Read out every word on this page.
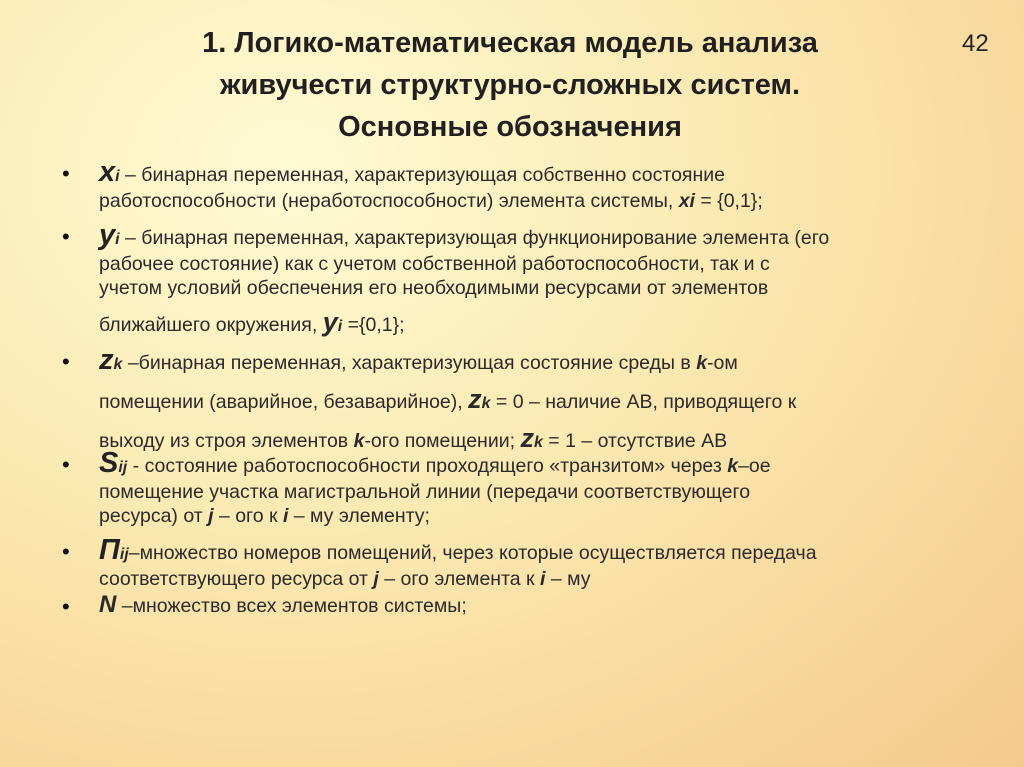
1. Логико-математическая модель анализа
живучести структурно-сложных систем.
Основные обозначения
42
• xi – бинарная переменная, характеризующая собственно состояние
работоспособности (неработоспособности) элемента системы, xi = {0,1};
• yi – бинарная переменная, характеризующая функционирование элемента (его
рабочее состояние) как с учетом собственной работоспособности, так и с
учетом условий обеспечения его необходимыми ресурсами от элементов
ближайшего окружения, yi ={0,1};
• zk –бинарная переменная, характеризующая состояние среды в k-ом
помещении (аварийное, безаварийное), zk = 0 – наличие АВ, приводящего к
выходу из строя элементов k-ого помещении; zk = 1 – отсутствие АВ
• Sij - состояние работоспособности проходящего «транзитом» через k–ое
помещение участка магистральной линии (передачи соответствующего
ресурса) от j – ого к i – му элементу;
• Пij–множество номеров помещений, через которые осуществляется передача
соответствующего ресурса от j – ого элемента к i – му
• N –множество всех элементов системы;
